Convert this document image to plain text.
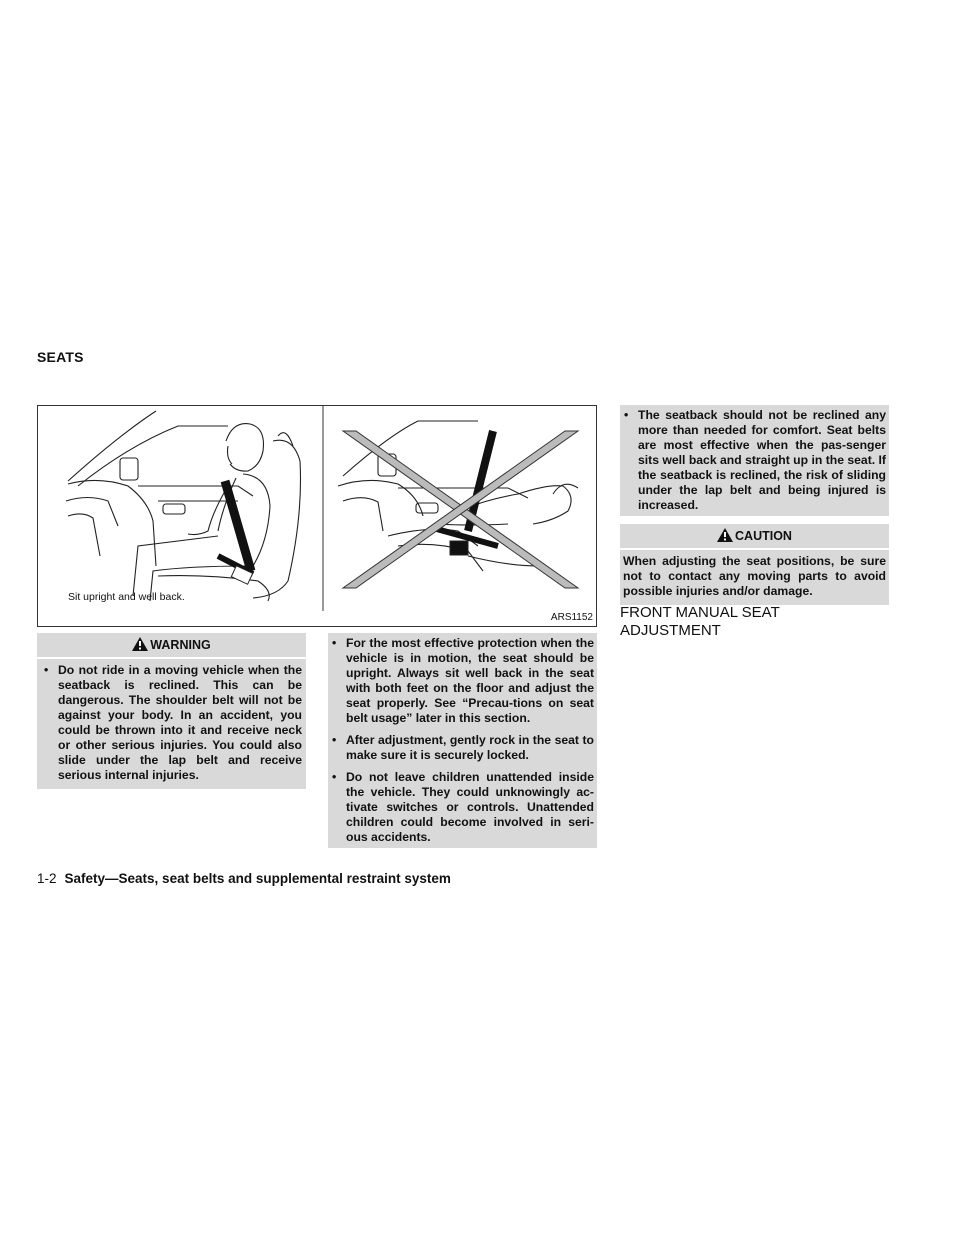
SEATS
Sit upright and well back.
ARS1152
WARNING
• Do not ride in a moving vehicle when the seatback is reclined. This can be dangerous. The shoulder belt will not be against your body. In an accident, you could be thrown into it and receive neck or other serious injuries. You could also slide under the lap belt and receive serious internal injuries.
• For the most effective protection when the vehicle is in motion, the seat should be upright. Always sit well back in the seat with both feet on the floor and adjust the seat properly. See “Precau-tions on seat belt usage” later in this section.
• After adjustment, gently rock in the seat to make sure it is securely locked.
• Do not leave children unattended inside the vehicle. They could unknowingly ac-tivate switches or controls. Unattended children could become involved in seri-ous accidents.
• The seatback should not be reclined any more than needed for comfort. Seat belts are most effective when the pas-senger sits well back and straight up in the seat. If the seatback is reclined, the risk of sliding under the lap belt and being injured is increased.
CAUTION
When adjusting the seat positions, be sure not to contact any moving parts to avoid possible injuries and/or damage.
FRONT MANUAL SEAT ADJUSTMENT
1-2 Safety—Seats, seat belts and supplemental restraint system
